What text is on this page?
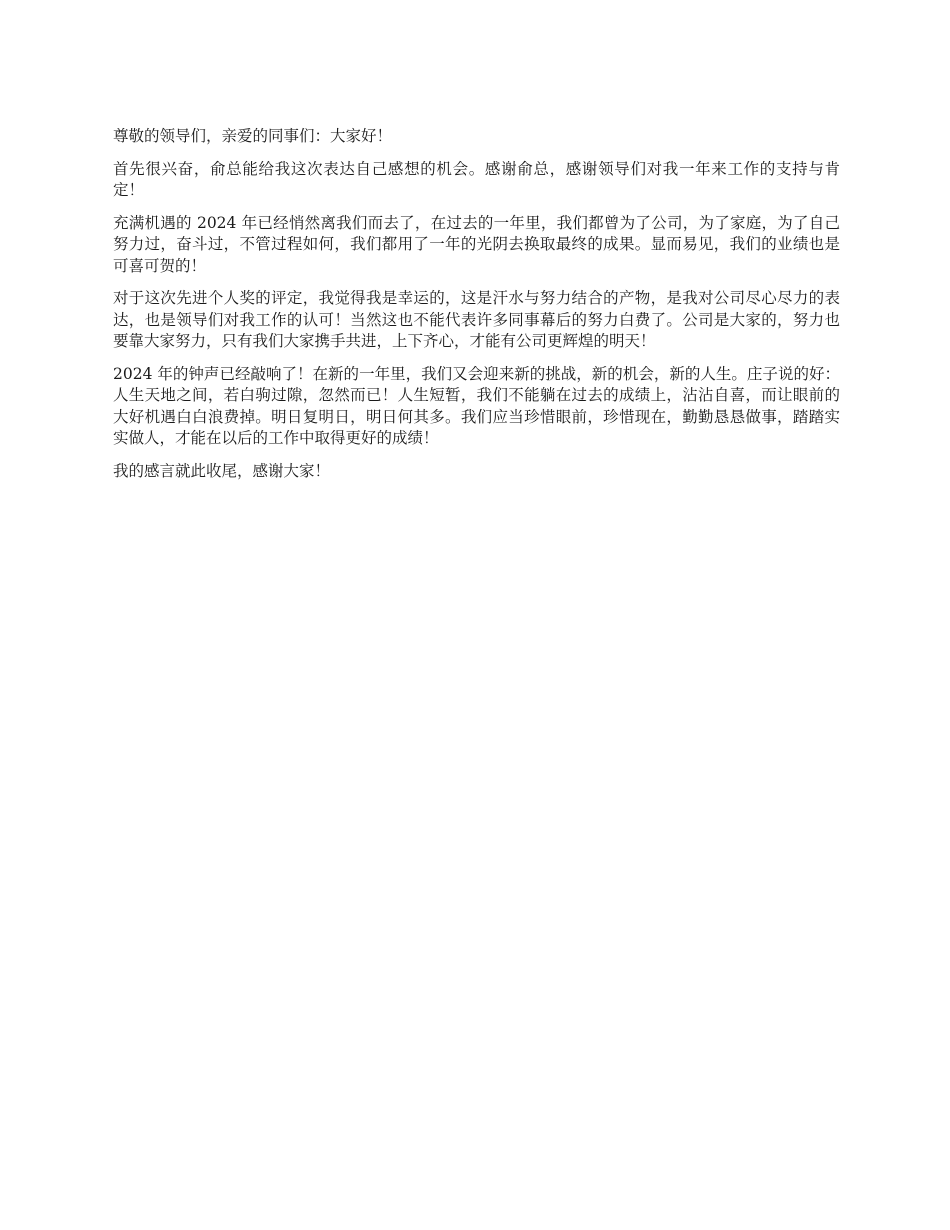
尊敬的领导们，亲爱的同事们：大家好！

首先很兴奋，俞总能给我这次表达自己感想的机会。感谢俞总，感谢领导们对我一年来工作的支持与肯定！

充满机遇的 2024 年已经悄然离我们而去了，在过去的一年里，我们都曾为了公司，为了家庭，为了自己努力过，奋斗过，不管过程如何，我们都用了一年的光阴去换取最终的成果。显而易见，我们的业绩也是可喜可贺的！

对于这次先进个人奖的评定，我觉得我是幸运的，这是汗水与努力结合的产物，是我对公司尽心尽力的表达，也是领导们对我工作的认可！当然这也不能代表许多同事幕后的努力白费了。公司是大家的，努力也要靠大家努力，只有我们大家携手共进，上下齐心，才能有公司更辉煌的明天！

2024 年的钟声已经敲响了！在新的一年里，我们又会迎来新的挑战，新的机会，新的人生。庄子说的好：人生天地之间，若白驹过隙，忽然而已！人生短暂，我们不能躺在过去的成绩上，沾沾自喜，而让眼前的大好机遇白白浪费掉。明日复明日，明日何其多。我们应当珍惜眼前，珍惜现在，勤勤恳恳做事，踏踏实实做人，才能在以后的工作中取得更好的成绩！

我的感言就此收尾，感谢大家！
